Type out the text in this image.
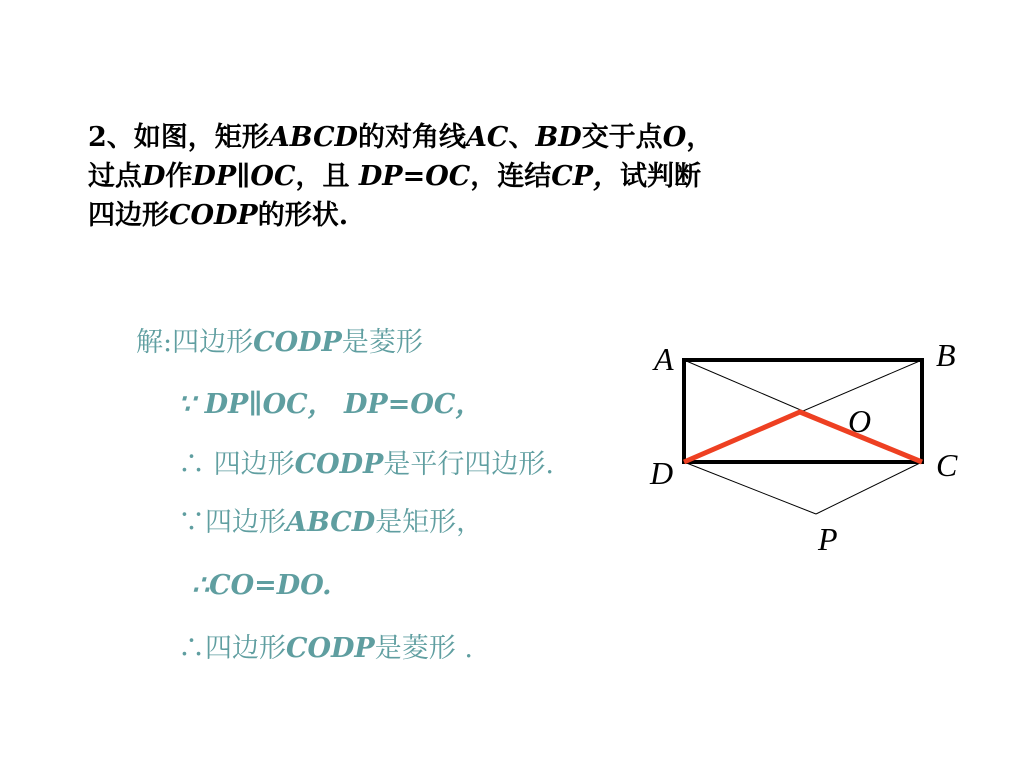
2、如图，矩形ABCD的对角线AC、BD交于点O，
过点D作DP∥OC，且 DP=OC，连结CP，试判断
四边形CODP的形状.
解:四边形CODP是菱形
∵ DP∥OC， DP=OC，
∴ 四边形CODP是平行四边形.
∵四边形ABCD是矩形，
∴CO=DO.
∴四边形CODP是菱形 .
A	B
C
D
O
P
